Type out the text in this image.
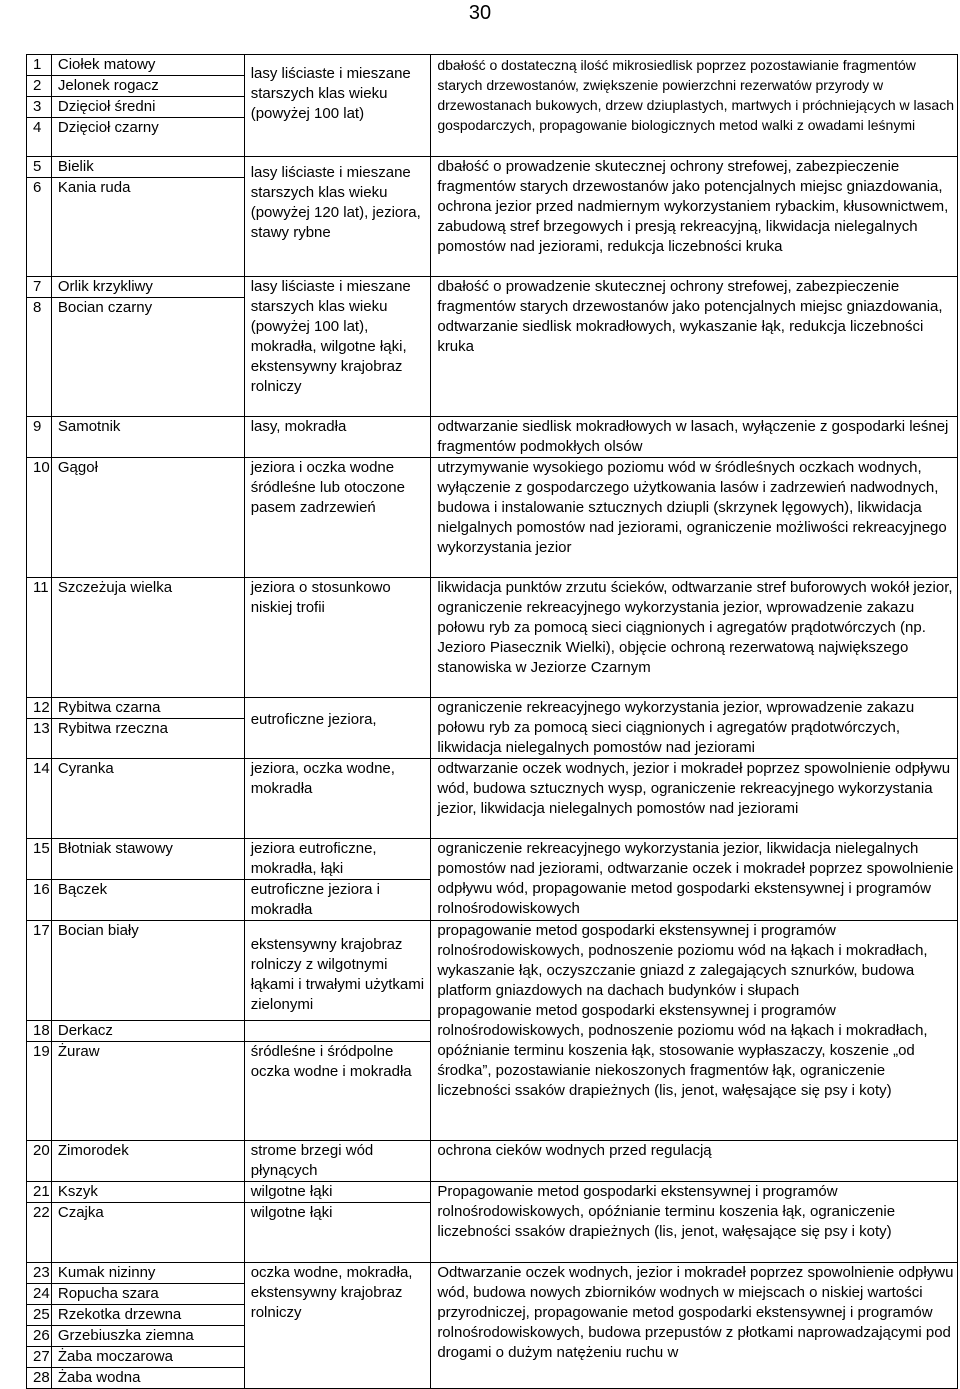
30
1	Ciołek matowy	lasy liściaste i mieszane starszych klas wieku (powyżej 100 lat)	dbałość o dostateczną ilość mikrosiedlisk poprzez pozostawianie fragmentów starych drzewostanów, zwiększenie powierzchni rezerwatów przyrody w drzewostanach bukowych, drzew dziuplastych, martwych i próchniejących w lasach gospodarczych, propagowanie biologicznych metod walki z owadami leśnymi
2	Jelonek rogacz		
3	Dzięcioł średni		
4	Dzięcioł czarny		
5	Bielik	lasy liściaste i mieszane starszych klas wieku (powyżej 120 lat), jeziora, stawy rybne	dbałość o prowadzenie skutecznej ochrony strefowej, zabezpieczenie fragmentów starych drzewostanów jako potencjalnych miejsc gniazdowania, ochrona jezior przed nadmiernym wykorzystaniem rybackim, kłusownictwem, zabudową stref brzegowych i presją rekreacyjną, likwidacja nielegalnych pomostów nad jeziorami, redukcja liczebności kruka
6	Kania ruda		
7	Orlik krzykliwy	lasy liściaste i mieszane starszych klas wieku (powyżej 100 lat), mokradła, wilgotne łąki, ekstensywny krajobraz rolniczy	dbałość o prowadzenie skutecznej ochrony strefowej, zabezpieczenie fragmentów starych drzewostanów jako potencjalnych miejsc gniazdowania, odtwarzanie siedlisk mokradłowych, wykaszanie łąk, redukcja liczebności kruka
8	Bocian czarny		
9	Samotnik	lasy, mokradła	odtwarzanie siedlisk mokradłowych w lasach, wyłączenie z gospodarki leśnej fragmentów podmokłych olsów
10	Gągoł	jeziora i oczka wodne śródleśne lub otoczone pasem zadrzewień	utrzymywanie wysokiego poziomu wód w śródleśnych oczkach wodnych, wyłączenie z gospodarczego użytkowania lasów i zadrzewień nadwodnych, budowa i instalowanie sztucznych dziupli (skrzynek lęgowych), likwidacja nielgalnych pomostów nad jeziorami, ograniczenie możliwości rekreacyjnego wykorzystania jezior
11	Szczeżuja wielka	jeziora o stosunkowo niskiej trofii	likwidacja punktów zrzutu ścieków, odtwarzanie stref buforowych wokół jezior, ograniczenie rekreacyjnego wykorzystania jezior, wprowadzenie zakazu połowu ryb za pomocą sieci ciągnionych i agregatów prądotwórczych (np. Jezioro Piasecznik Wielki), objęcie ochroną rezerwatową największego stanowiska w Jeziorze Czarnym
12	Rybitwa czarna	eutroficzne jeziora,	ograniczenie rekreacyjnego wykorzystania jezior, wprowadzenie zakazu połowu ryb za pomocą sieci ciągnionych i agregatów prądotwórczych, likwidacja nielegalnych pomostów nad jeziorami
13	Rybitwa rzeczna		
14	Cyranka	jeziora, oczka wodne, mokradła	odtwarzanie oczek wodnych, jezior i mokradeł poprzez spowolnienie odpływu wód, budowa sztucznych wysp, ograniczenie rekreacyjnego wykorzystania jezior, likwidacja nielegalnych pomostów nad jeziorami
15	Błotniak stawowy	jeziora eutroficzne, mokradła, łąki	ograniczenie rekreacyjnego wykorzystania jezior, likwidacja nielegalnych pomostów nad jeziorami, odtwarzanie oczek i mokradeł poprzez spowolnienie odpływu wód, propagowanie metod gospodarki ekstensywnej i programów rolnośrodowiskowych
16	Bączek	eutroficzne jeziora i mokradła	
17	Bocian biały	ekstensywny krajobraz rolniczy z wilgotnymi łąkami i trwałymi użytkami zielonymi	propagowanie metod gospodarki ekstensywnej i programów rolnośrodowiskowych, podnoszenie poziomu wód na łąkach i mokradłach, wykaszanie łąk, oczyszczanie gniazd z zalegających sznurków, budowa platform gniazdowych na dachach budynków i słupach
propagowanie metod gospodarki ekstensywnej i programów rolnośrodowiskowych, podnoszenie poziomu wód na łąkach i mokradłach, opóźnianie terminu koszenia łąk, stosowanie wypłaszaczy, koszenie „od środka”, pozostawianie niekoszonych fragmentów łąk, ograniczenie liczebności ssaków drapieżnych (lis, jenot, wałęsające się psy i koty)
18	Derkacz		
19	Żuraw	śródleśne i śródpolne oczka wodne i mokradła	
20	Zimorodek	strome brzegi wód płynących	ochrona cieków wodnych przed regulacją
21	Kszyk	wilgotne łąki	Propagowanie metod gospodarki ekstensywnej i programów rolnośrodowiskowych, opóźnianie terminu koszenia łąk, ograniczenie liczebności ssaków drapieżnych (lis, jenot, wałęsające się psy i koty)
22	Czajka	wilgotne łąki	
23	Kumak nizinny	oczka wodne, mokradła, ekstensywny krajobraz rolniczy	Odtwarzanie oczek wodnych, jezior i mokradeł poprzez spowolnienie odpływu wód, budowa nowych zbiorników wodnych w miejscach o niskiej wartości przyrodniczej, propagowanie metod gospodarki ekstensywnej i programów rolnośrodowiskowych, budowa przepustów z płotkami naprowadzającymi pod drogami o dużym natężeniu ruchu w
24	Ropucha szara		
25	Rzekotka drzewna		
26	Grzebiuszka ziemna		
27	Żaba moczarowa		
28	Żaba wodna		
